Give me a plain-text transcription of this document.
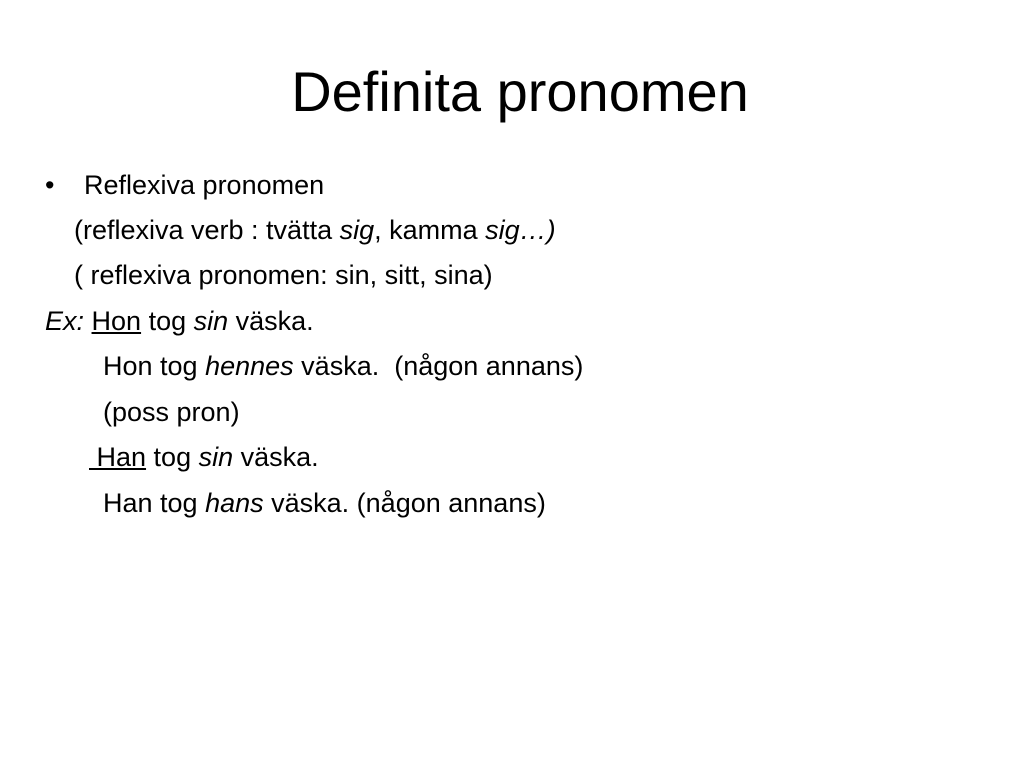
Definita pronomen
• Reflexiva pronomen
(reflexiva verb : tvätta sig, kamma sig…)
( reflexiva pronomen: sin, sitt, sina)
Ex: Hon tog sin väska.
Hon tog hennes väska.  (någon annans)
(poss pron)
Han tog sin väska.
Han tog hans väska. (någon annans)
